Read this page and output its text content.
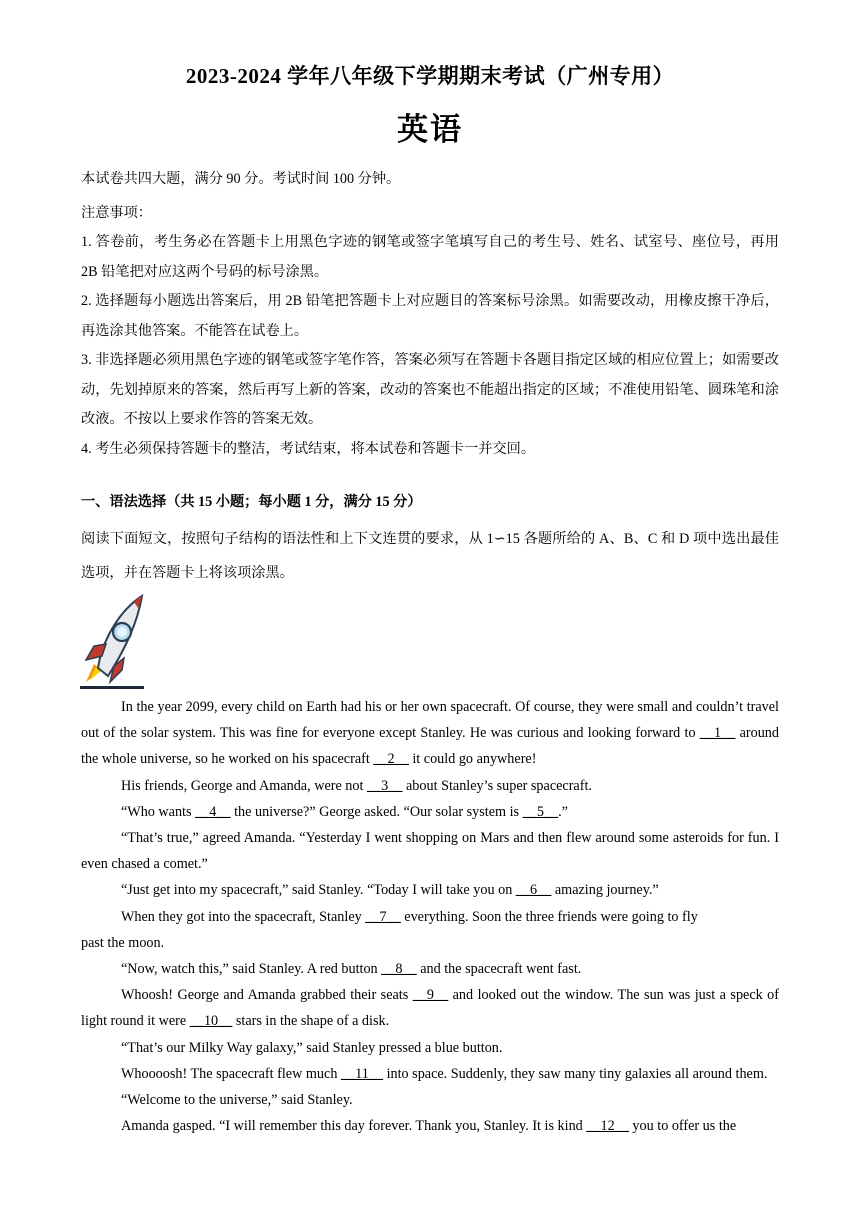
2023-2024 学年八年级下学期期末考试（广州专用）
英语
本试卷共四大题，满分 90 分。考试时间 100 分钟。
注意事项：

1. 答卷前，考生务必在答题卡上用黑色字迹的钢笔或签字笔填写自己的考生号、姓名、试室号、座位号，再用 2B 铅笔把对应这两个号码的标号涂黑。

2. 选择题每小题选出答案后，用 2B 铅笔把答题卡上对应题目的答案标号涂黑。如需要改动，用橡皮擦干净后，再选涂其他答案。不能答在试卷上。

3. 非选择题必须用黑色字迹的钢笔或签字笔作答，答案必须写在答题卡各题目指定区域的相应位置上；如需要改动，先划掉原来的答案，然后再写上新的答案，改动的答案也不能超出指定的区域；不准使用铅笔、圆珠笔和涂改液。不按以上要求作答的答案无效。

4. 考生必须保持答题卡的整洁，考试结束，将本试卷和答题卡一并交回。

一、语法选择（共 15 小题；每小题 1 分，满分 15 分）
阅读下面短文，按照句子结构的语法性和上下文连贯的要求，从 1∽15 各题所给的 A、B、C 和 D 项中选出最佳选项，并在答题卡上将该项涂黑。

In the year 2099, every child on Earth had his or her own spacecraft. Of course, they were small and couldn’t travel out of the solar system. This was fine for everyone except Stanley. He was curious and looking forward to __1__ around the whole universe, so he worked on his spacecraft __2__ it could go anywhere!

His friends, George and Amanda, were not __3__ about Stanley’s super spacecraft.

“Who wants __4__ the universe?” George asked. “Our solar system is __5__.”

“That’s true,” agreed Amanda. “Yesterday I went shopping on Mars and then flew around some asteroids for fun. I even chased a comet.”

“Just get into my spacecraft,” said Stanley. “Today I will take you on __6__ amazing journey.”

When they got into the spacecraft, Stanley __7__ everything. Soon the three friends were going to fly

past the moon.

“Now, watch this,” said Stanley. A red button __8__ and the spacecraft went fast.

Whoosh! George and Amanda grabbed their seats __9__ and looked out the window. The sun was just a speck of light round it were __10__ stars in the shape of a disk.

“That’s our Milky Way galaxy,” said Stanley pressed a blue button.

Whoooosh! The spacecraft flew much __11__ into space. Suddenly, they saw many tiny galaxies all around them.

“Welcome to the universe,” said Stanley.

Amanda gasped. “I will remember this day forever. Thank you, Stanley. It is kind __12__ you to offer us the
